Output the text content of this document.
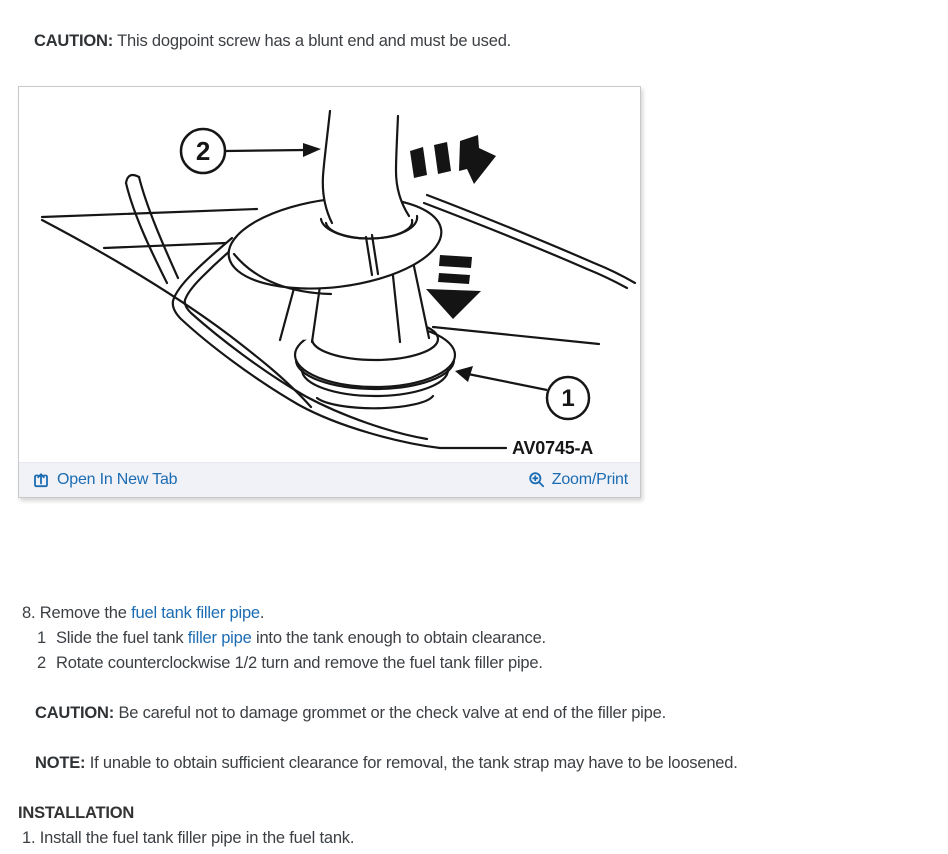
CAUTION: This dogpoint screw has a blunt end and must be used.

2
1
AV0745-A
Open In New Tab	Zoom/Print

8. Remove the fuel tank filler pipe.

1 Slide the fuel tank filler pipe into the tank enough to obtain clearance.

2 Rotate counterclockwise 1/2 turn and remove the fuel tank filler pipe.

CAUTION: Be careful not to damage grommet or the check valve at end of the filler pipe.

NOTE: If unable to obtain sufficient clearance for removal, the tank strap may have to be loosened.

INSTALLATION

1. Install the fuel tank filler pipe in the fuel tank.
